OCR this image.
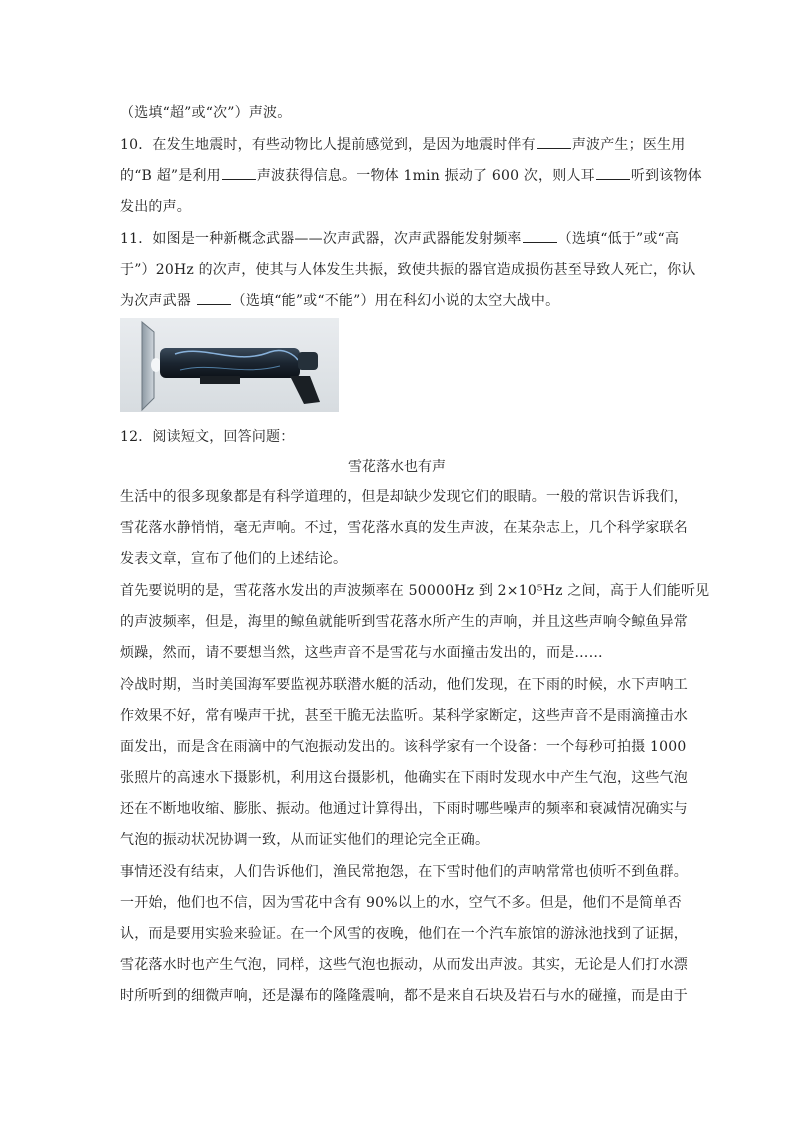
（选填“超”或“次”）声波。
10．在发生地震时，有些动物比人提前感觉到，是因为地震时伴有	声波产生；医生用
的“B 超”是利用	声波获得信息。一物体 1min 振动了 600 次，则人耳	听到该物体
发出的声。
11．如图是一种新概念武器——次声武器，次声武器能发射频率	（选填“低于”或“高
于”）20Hz 的次声，使其与人体发生共振，致使共振的器官造成损伤甚至导致人死亡，你认
为次声武器	（选填“能”或“不能”）用在科幻小说的太空大战中。
12．阅读短文，回答问题：
雪花落水也有声
生活中的很多现象都是有科学道理的，但是却缺少发现它们的眼睛。一般的常识告诉我们，
雪花落水静悄悄，毫无声响。不过，雪花落水真的发生声波，在某杂志上，几个科学家联名
发表文章，宣布了他们的上述结论。
首先要说明的是，雪花落水发出的声波频率在 50000Hz 到 2×10⁵Hz 之间，高于人们能听见
的声波频率，但是，海里的鲸鱼就能听到雪花落水所产生的声响，并且这些声响令鲸鱼异常
烦躁，然而，请不要想当然，这些声音不是雪花与水面撞击发出的，而是……
冷战时期，当时美国海军要监视苏联潜水艇的活动，他们发现，在下雨的时候，水下声呐工
作效果不好，常有噪声干扰，甚至干脆无法监听。某科学家断定，这些声音不是雨滴撞击水
面发出，而是含在雨滴中的气泡振动发出的。该科学家有一个设备：一个每秒可拍摄 1000
张照片的高速水下摄影机，利用这台摄影机，他确实在下雨时发现水中产生气泡，这些气泡
还在不断地收缩、膨胀、振动。他通过计算得出，下雨时哪些噪声的频率和衰减情况确实与
气泡的振动状况协调一致，从而证实他们的理论完全正确。
事情还没有结束，人们告诉他们，渔民常抱怨，在下雪时他们的声呐常常也侦听不到鱼群。
一开始，他们也不信，因为雪花中含有 90%以上的水，空气不多。但是，他们不是简单否
认，而是要用实验来验证。在一个风雪的夜晚，他们在一个汽车旅馆的游泳池找到了证据，
雪花落水时也产生气泡，同样，这些气泡也振动，从而发出声波。其实，无论是人们打水漂
时所听到的细微声响，还是瀑布的隆隆震响，都不是来自石块及岩石与水的碰撞，而是由于
